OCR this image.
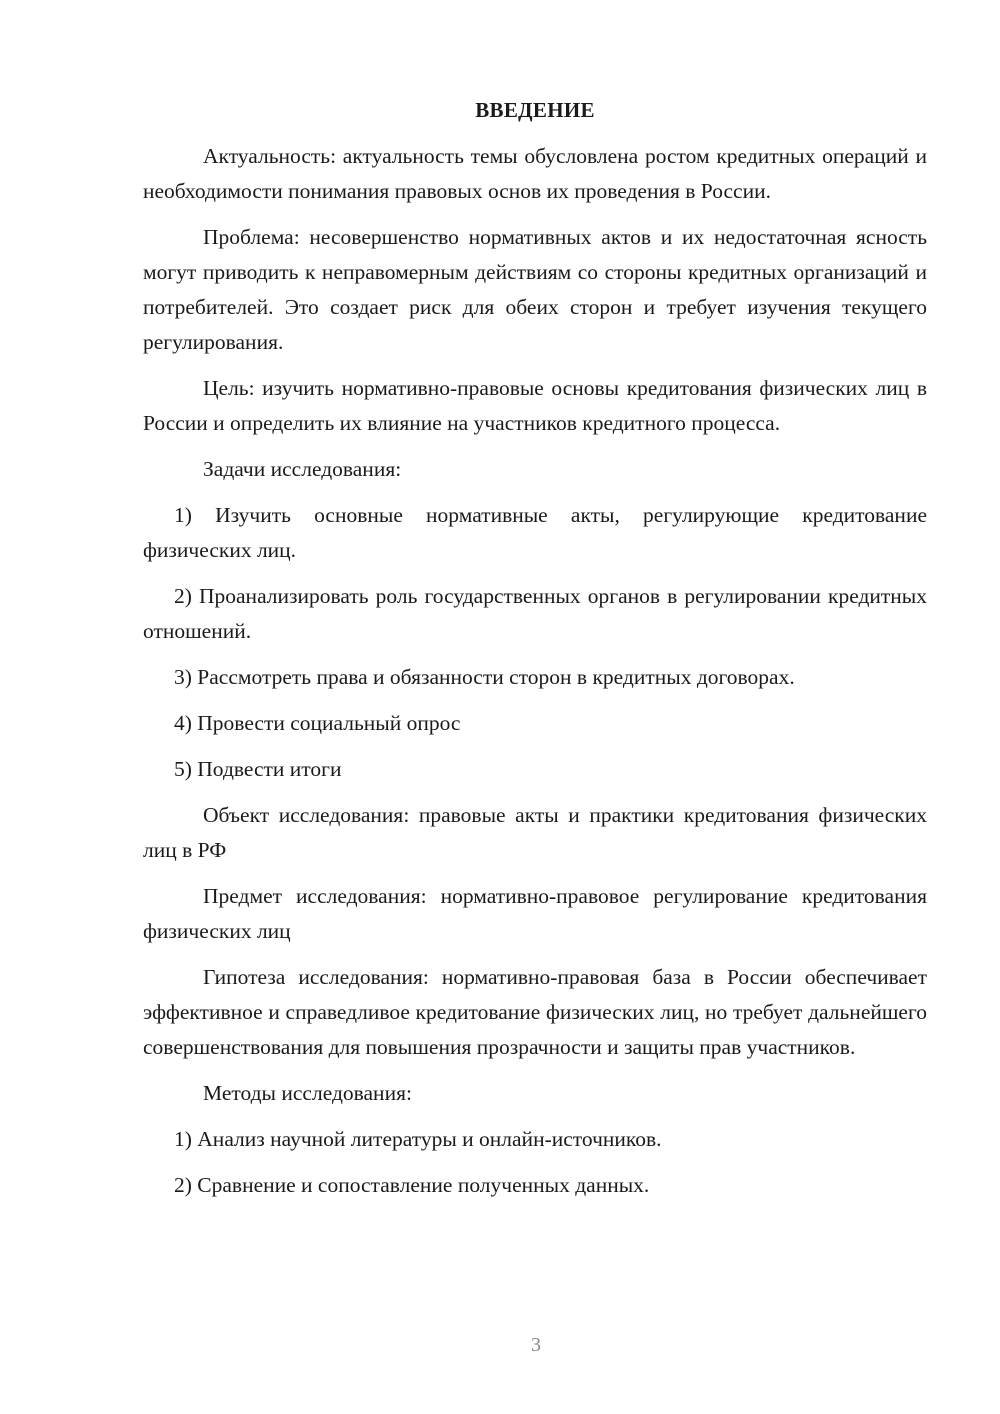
ВВЕДЕНИЕ
Актуальность: актуальность темы обусловлена ростом кредитных операций и необходимости понимания правовых основ их проведения в России.
Проблема: несовершенство нормативных актов и их недостаточная ясность могут приводить к неправомерным действиям со стороны кредитных организаций и потребителей. Это создает риск для обеих сторон и требует изучения текущего регулирования.
Цель: изучить нормативно-правовые основы кредитования физических лиц в России и определить их влияние на участников кредитного процесса.
Задачи исследования:
1) Изучить основные нормативные акты, регулирующие кредитование физических лиц.
2) Проанализировать роль государственных органов в регулировании кредитных отношений.
3) Рассмотреть права и обязанности сторон в кредитных договорах.
4) Провести социальный опрос
5) Подвести итоги
Объект исследования: правовые акты и практики кредитования физических лиц в РФ
Предмет исследования: нормативно-правовое регулирование кредитования физических лиц
Гипотеза исследования: нормативно-правовая база в России обеспечивает эффективное и справедливое кредитование физических лиц, но требует дальнейшего совершенствования для повышения прозрачности и защиты прав участников.
Методы исследования:
1) Анализ научной литературы и онлайн-источников.
2) Сравнение и сопоставление полученных данных.
3
